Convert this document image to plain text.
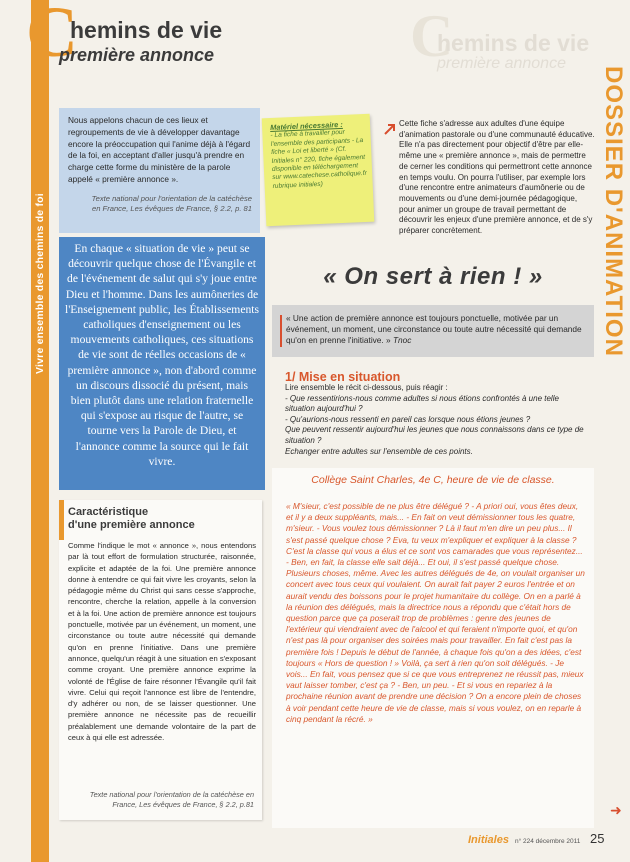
Vivre ensemble des chemins de foi
C
hemins de vie
première annonce
C
hemins de vie
première annonce
DOSSIER D'ANIMATION
Nous appelons chacun de ces lieux et regroupements de vie à développer davantage encore la préoccupation qui l'anime déjà à l'égard de la foi, en acceptant d'aller jusqu'à prendre en charge cette forme du ministère de la parole appelé « première annonce ».
Texte national pour l'orientation de la catéchèse en France, Les évêques de France, § 2.2, p. 81
En chaque « situation de vie » peut se découvrir quelque chose de l'Évangile et de l'événement de salut qui s'y joue entre Dieu et l'homme. Dans les aumôneries de l'Enseignement public, les Établissements catholiques d'enseignement ou les mouvements catholiques, ces situations de vie sont de réelles occasions de « première annonce », non d'abord comme un discours dissocié du présent, mais bien plutôt dans une relation fraternelle qui s'expose au risque de l'autre, se tourne vers la Parole de Dieu, et l'annonce comme la source qui le fait vivre.
Caractéristique
d'une première annonce
Comme l'indique le mot « annonce », nous entendons par là tout effort de formulation structurée, raisonnée, explicite et adaptée de la foi. Une première annonce donne à entendre ce qui fait vivre les croyants, selon la pédagogie même du Christ qui sans cesse s'approche, rencontre, cherche la relation, appelle à la conversion et à la foi. Une action de première annonce est toujours ponctuelle, motivée par un événement, un moment, une circonstance ou toute autre nécessité qui demande qu'on en prenne l'initiative. Dans une première annonce, quelqu'un réagit à une situation en s'exposant comme croyant. Une première annonce exprime la volonté de l'Église de faire résonner l'Évangile qu'il fait vivre. Celui qui reçoit l'annonce est libre de l'entendre, d'y adhérer ou non, de se laisser questionner. Une première annonce ne nécessite pas de recueillir préalablement une demande volontaire de la part de ceux à qui elle est adressée.
Texte national pour l'orientation de la catéchèse en France, Les évêques de France, § 2.2, p.81
Matériel nécessaire :
- La fiche à travailler pour l'ensemble des participants - La fiche « Loi et liberté » (Cf. Initiales n° 220, fiche également disponible en téléchargement sur www.catechese.catholique.fr rubrique initiales)
Cette fiche s'adresse aux adultes d'une équipe d'animation pastorale ou d'une communauté éducative. Elle n'a pas directement pour objectif d'être par elle-même une « première annonce », mais de permettre de cerner les conditions qui permettront cette annonce en temps voulu. On pourra l'utiliser, par exemple lors d'une rencontre entre animateurs d'aumônerie ou de mouvements ou d'une demi-journée pédagogique, pour animer un groupe de travail permettant de découvrir les enjeux d'une première annonce, et de s'y préparer concrètement.
« On sert à rien ! »
« Une action de première annonce est toujours ponctuelle, motivée par un événement, un moment, une circonstance ou toute autre nécessité qui demande qu'on en prenne l'initiative. » Tnoc
1/ Mise en situation
Lire ensemble le récit ci-dessous, puis réagir :
- Que ressentirions-nous comme adultes si nous étions confrontés à une telle situation aujourd'hui ?
- Qu'aurions-nous ressenti en pareil cas lorsque nous étions jeunes ?
Que peuvent ressentir aujourd'hui les jeunes que nous connaissons dans ce type de situation ?
Echanger entre adultes sur l'ensemble de ces points.
Collège Saint Charles, 4e C, heure de vie de classe.
« M'sieur, c'est possible de ne plus être délégué ? - A priori oui, vous êtes deux, et il y a deux suppléants, mais... - En fait on veut démissionner tous les quatre, m'sieur. - Vous voulez tous démissionner ? Là il faut m'en dire un peu plus... Il s'est passé quelque chose ? Eva, tu veux m'expliquer et expliquer à la classe ? C'est la classe qui vous a élus et ce sont vos camarades que vous représentez... - Ben, en fait, la classe elle sait déjà... Et oui, il s'est passé quelque chose. Plusieurs choses, même. Avec les autres délégués de 4e, on voulait organiser un concert avec tous ceux qui voulaient. On aurait fait payer 2 euros l'entrée et on aurait vendu des boissons pour le projet humanitaire du collège. On en a parlé à la réunion des délégués, mais la directrice nous a répondu que c'était hors de question parce que ça poserait trop de problèmes : genre des jeunes de l'extérieur qui viendraient avec de l'alcool et qui feraient n'importe quoi, et qu'on n'est pas là pour organiser des soirées mais pour travailler. En fait c'est pas la première fois ! Depuis le début de l'année, à chaque fois qu'on a des idées, c'est toujours « Hors de question ! » Voilà, ça sert à rien qu'on soit délégués. - Je vois... En fait, vous pensez que si ce que vous entreprenez ne réussit pas, mieux vaut laisser tomber, c'est ça ? - Ben, un peu. - Et si vous en repariez à la prochaine réunion avant de prendre une décision ? On a encore plein de choses à voir pendant cette heure de vie de classe, mais si vous voulez, on en reparle à cinq pendant la récré. »
➜
Initiales n° 224 décembre 2011 25
